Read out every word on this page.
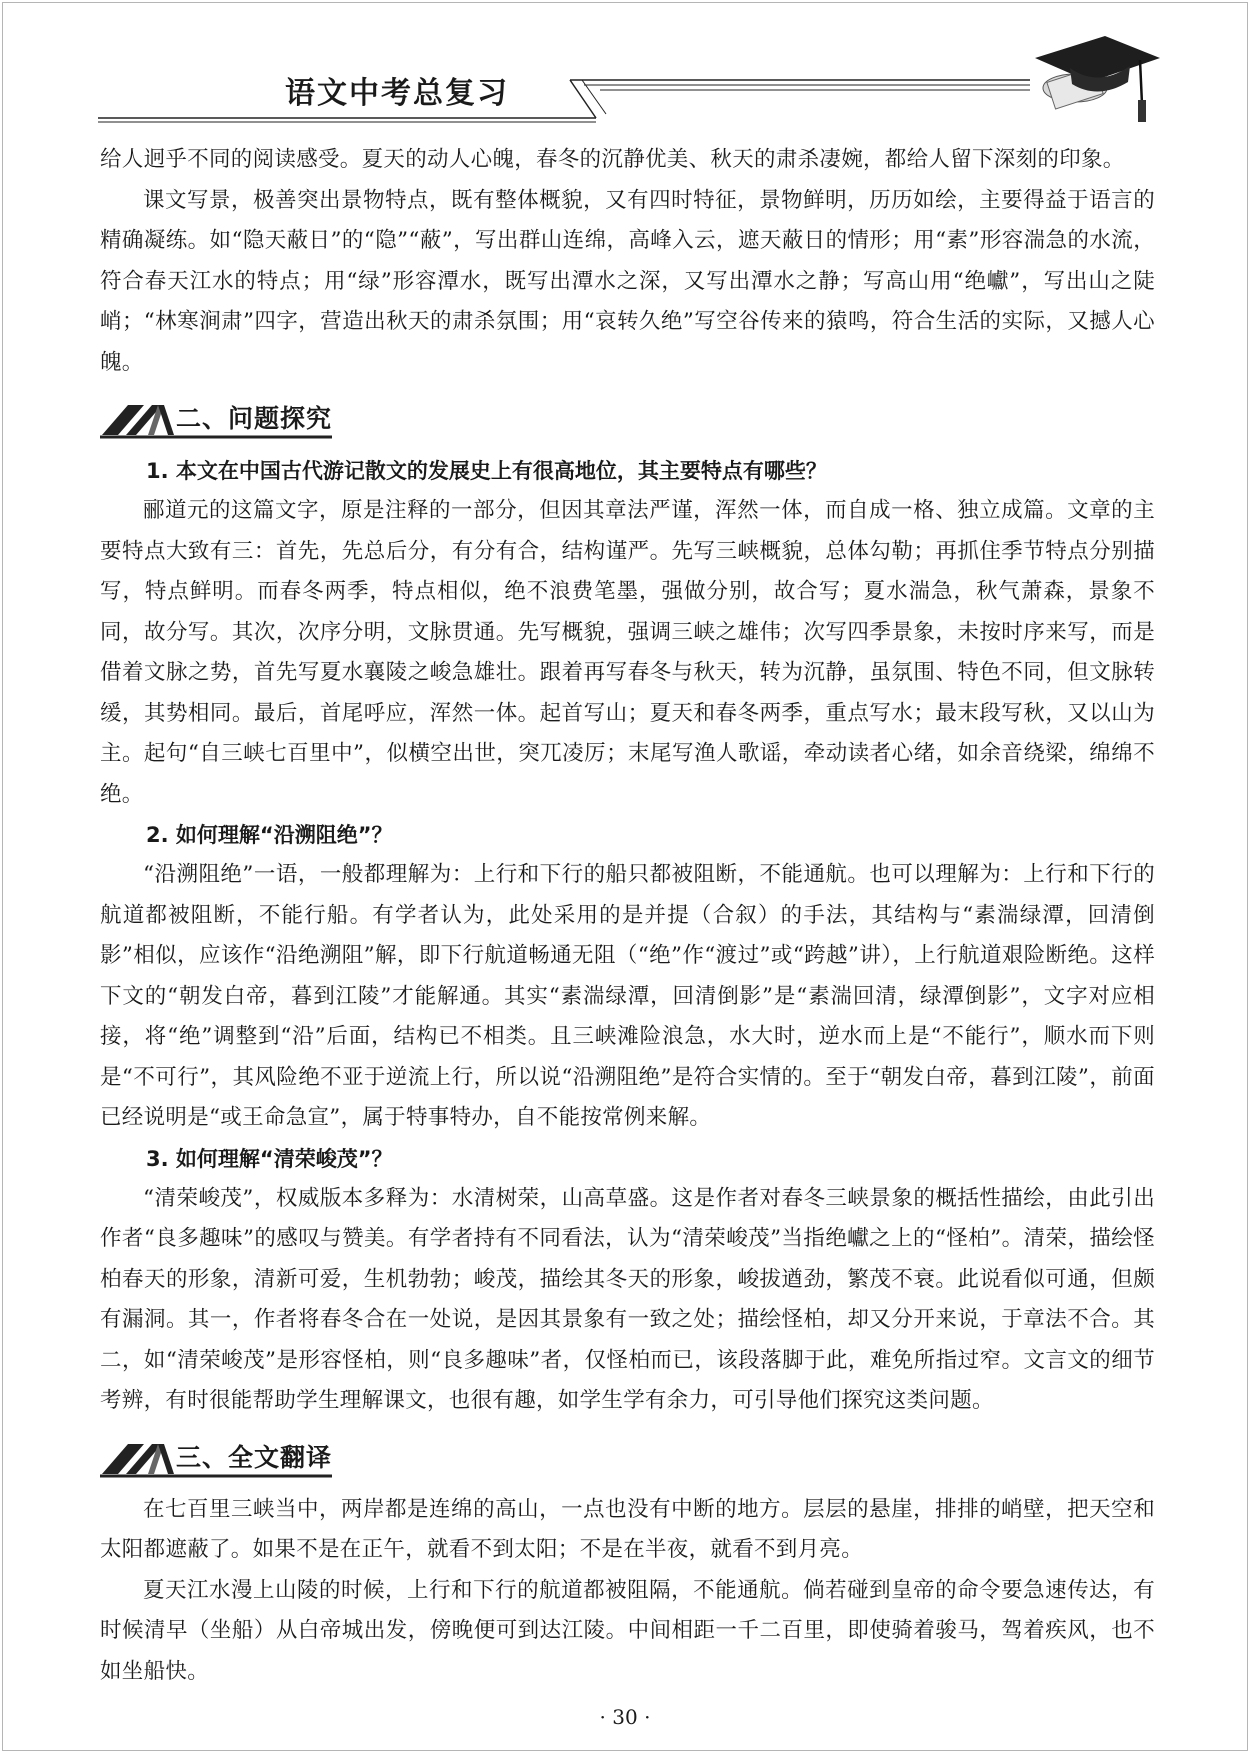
语文中考总复习

给人迥乎不同的阅读感受。夏天的动人心魄，春冬的沉静优美、秋天的肃杀凄婉，都给人留下深刻的印象。

课文写景，极善突出景物特点，既有整体概貌，又有四时特征，景物鲜明，历历如绘，主要得益于语言的精确凝练。如“隐天蔽日”的“隐”“蔽”，写出群山连绵，高峰入云，遮天蔽日的情形；用“素”形容湍急的水流，符合春天江水的特点；用“绿”形容潭水，既写出潭水之深，又写出潭水之静；写高山用“绝巘”，写出山之陡峭；“林寒涧肃”四字，营造出秋天的肃杀氛围；用“哀转久绝”写空谷传来的猿鸣，符合生活的实际，又撼人心魄。

二、问题探究

1. 本文在中国古代游记散文的发展史上有很高地位，其主要特点有哪些？

郦道元的这篇文字，原是注释的一部分，但因其章法严谨，浑然一体，而自成一格、独立成篇。文章的主要特点大致有三：首先，先总后分，有分有合，结构谨严。先写三峡概貌，总体勾勒；再抓住季节特点分别描写，特点鲜明。而春冬两季，特点相似，绝不浪费笔墨，强做分别，故合写；夏水湍急，秋气萧森，景象不同，故分写。其次，次序分明，文脉贯通。先写概貌，强调三峡之雄伟；次写四季景象，未按时序来写，而是借着文脉之势，首先写夏水襄陵之峻急雄壮。跟着再写春冬与秋天，转为沉静，虽氛围、特色不同，但文脉转缓，其势相同。最后，首尾呼应，浑然一体。起首写山；夏天和春冬两季，重点写水；最末段写秋，又以山为主。起句“自三峡七百里中”，似横空出世，突兀凌厉；末尾写渔人歌谣，牵动读者心绪，如余音绕梁，绵绵不绝。

2. 如何理解“沿溯阻绝”？

“沿溯阻绝”一语，一般都理解为：上行和下行的船只都被阻断，不能通航。也可以理解为：上行和下行的航道都被阻断，不能行船。有学者认为，此处采用的是并提（合叙）的手法，其结构与“素湍绿潭，回清倒影”相似，应该作“沿绝溯阻”解，即下行航道畅通无阻（“绝”作“渡过”或“跨越”讲），上行航道艰险断绝。这样下文的“朝发白帝，暮到江陵”才能解通。其实“素湍绿潭，回清倒影”是“素湍回清，绿潭倒影”，文字对应相接，将“绝”调整到“沿”后面，结构已不相类。且三峡滩险浪急，水大时，逆水而上是“不能行”，顺水而下则是“不可行”，其风险绝不亚于逆流上行，所以说“沿溯阻绝”是符合实情的。至于“朝发白帝，暮到江陵”，前面已经说明是“或王命急宣”，属于特事特办，自不能按常例来解。

3. 如何理解“清荣峻茂”？

“清荣峻茂”，权威版本多释为：水清树荣，山高草盛。这是作者对春冬三峡景象的概括性描绘，由此引出作者“良多趣味”的感叹与赞美。有学者持有不同看法，认为“清荣峻茂”当指绝巘之上的“怪柏”。清荣，描绘怪柏春天的形象，清新可爱，生机勃勃；峻茂，描绘其冬天的形象，峻拔遒劲，繁茂不衰。此说看似可通，但颇有漏洞。其一，作者将春冬合在一处说，是因其景象有一致之处；描绘怪柏，却又分开来说，于章法不合。其二，如“清荣峻茂”是形容怪柏，则“良多趣味”者，仅怪柏而已，该段落脚于此，难免所指过窄。文言文的细节考辨，有时很能帮助学生理解课文，也很有趣，如学生学有余力，可引导他们探究这类问题。

三、全文翻译

在七百里三峡当中，两岸都是连绵的高山，一点也没有中断的地方。层层的悬崖，排排的峭壁，把天空和太阳都遮蔽了。如果不是在正午，就看不到太阳；不是在半夜，就看不到月亮。

夏天江水漫上山陵的时候，上行和下行的航道都被阻隔，不能通航。倘若碰到皇帝的命令要急速传达，有时候清早（坐船）从白帝城出发，傍晚便可到达江陵。中间相距一千二百里，即使骑着骏马，驾着疾风，也不如坐船快。

· 30 ·
